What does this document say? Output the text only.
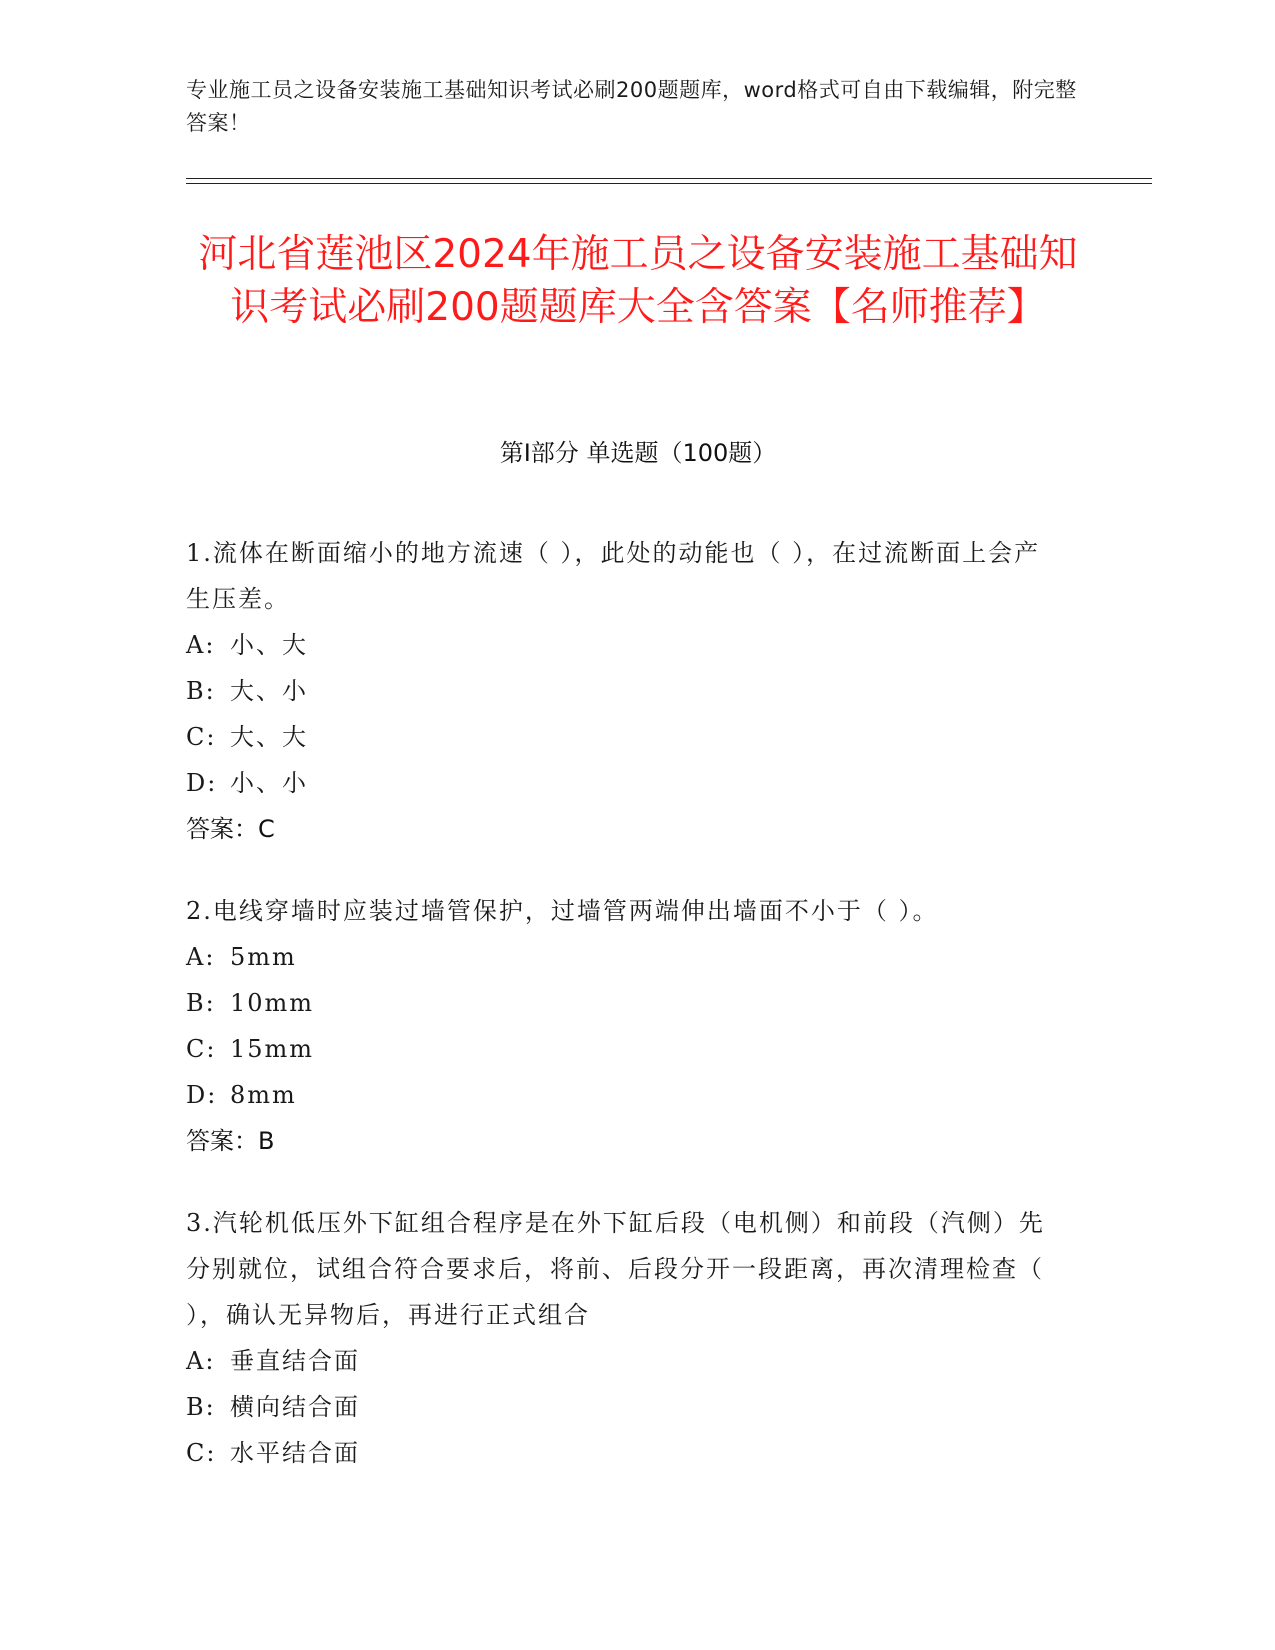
专业施工员之设备安装施工基础知识考试必刷200题题库，word格式可自由下载编辑，附完整答案！
河北省莲池区2024年施工员之设备安装施工基础知识考试必刷200题题库大全含答案【名师推荐】
第Ⅰ部分 单选题（100题）
1.流体在断面缩小的地方流速（ ），此处的动能也（ ），在过流断面上会产生压差。
A: 小、大
B: 大、小
C: 大、大
D: 小、小
答案：C
2.电线穿墙时应装过墙管保护，过墙管两端伸出墙面不小于（ ）。
A: 5mm
B: 10mm
C: 15mm
D: 8mm
答案：B
3.汽轮机低压外下缸组合程序是在外下缸后段（电机侧）和前段（汽侧）先分别就位，试组合符合要求后，将前、后段分开一段距离，再次清理检查（ ），确认无异物后，再进行正式组合
A: 垂直结合面
B: 横向结合面
C: 水平结合面
